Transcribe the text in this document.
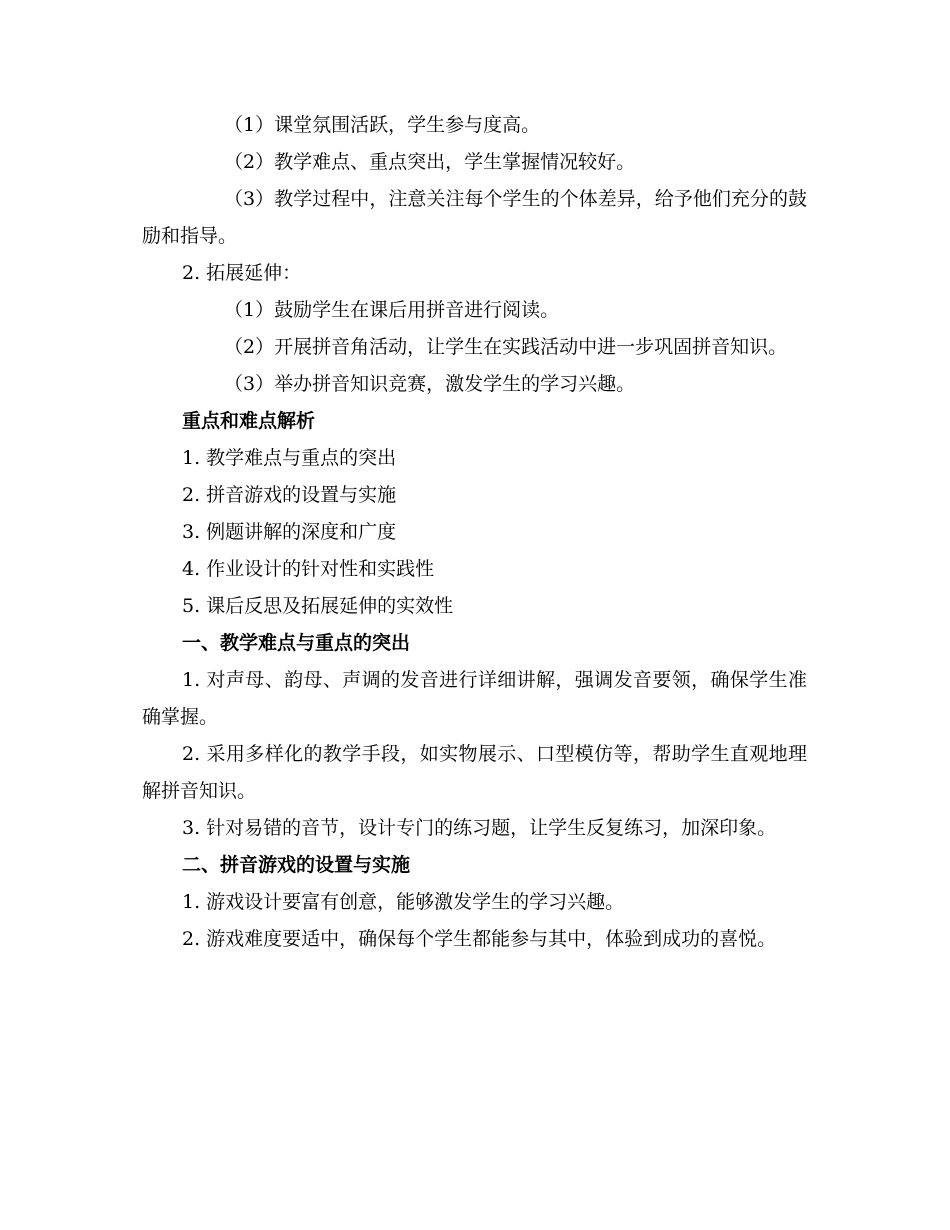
（1）课堂氛围活跃，学生参与度高。

（2）教学难点、重点突出，学生掌握情况较好。

（3）教学过程中，注意关注每个学生的个体差异，给予他们充分的鼓励和指导。

2. 拓展延伸：

（1）鼓励学生在课后用拼音进行阅读。

（2）开展拼音角活动，让学生在实践活动中进一步巩固拼音知识。

（3）举办拼音知识竞赛，激发学生的学习兴趣。

重点和难点解析

1. 教学难点与重点的突出

2. 拼音游戏的设置与实施

3. 例题讲解的深度和广度

4. 作业设计的针对性和实践性

5. 课后反思及拓展延伸的实效性

一、教学难点与重点的突出

1. 对声母、韵母、声调的发音进行详细讲解，强调发音要领，确保学生准确掌握。

2. 采用多样化的教学手段，如实物展示、口型模仿等，帮助学生直观地理解拼音知识。

3. 针对易错的音节，设计专门的练习题，让学生反复练习，加深印象。

二、拼音游戏的设置与实施

1. 游戏设计要富有创意，能够激发学生的学习兴趣。

2. 游戏难度要适中，确保每个学生都能参与其中，体验到成功的喜悦。
